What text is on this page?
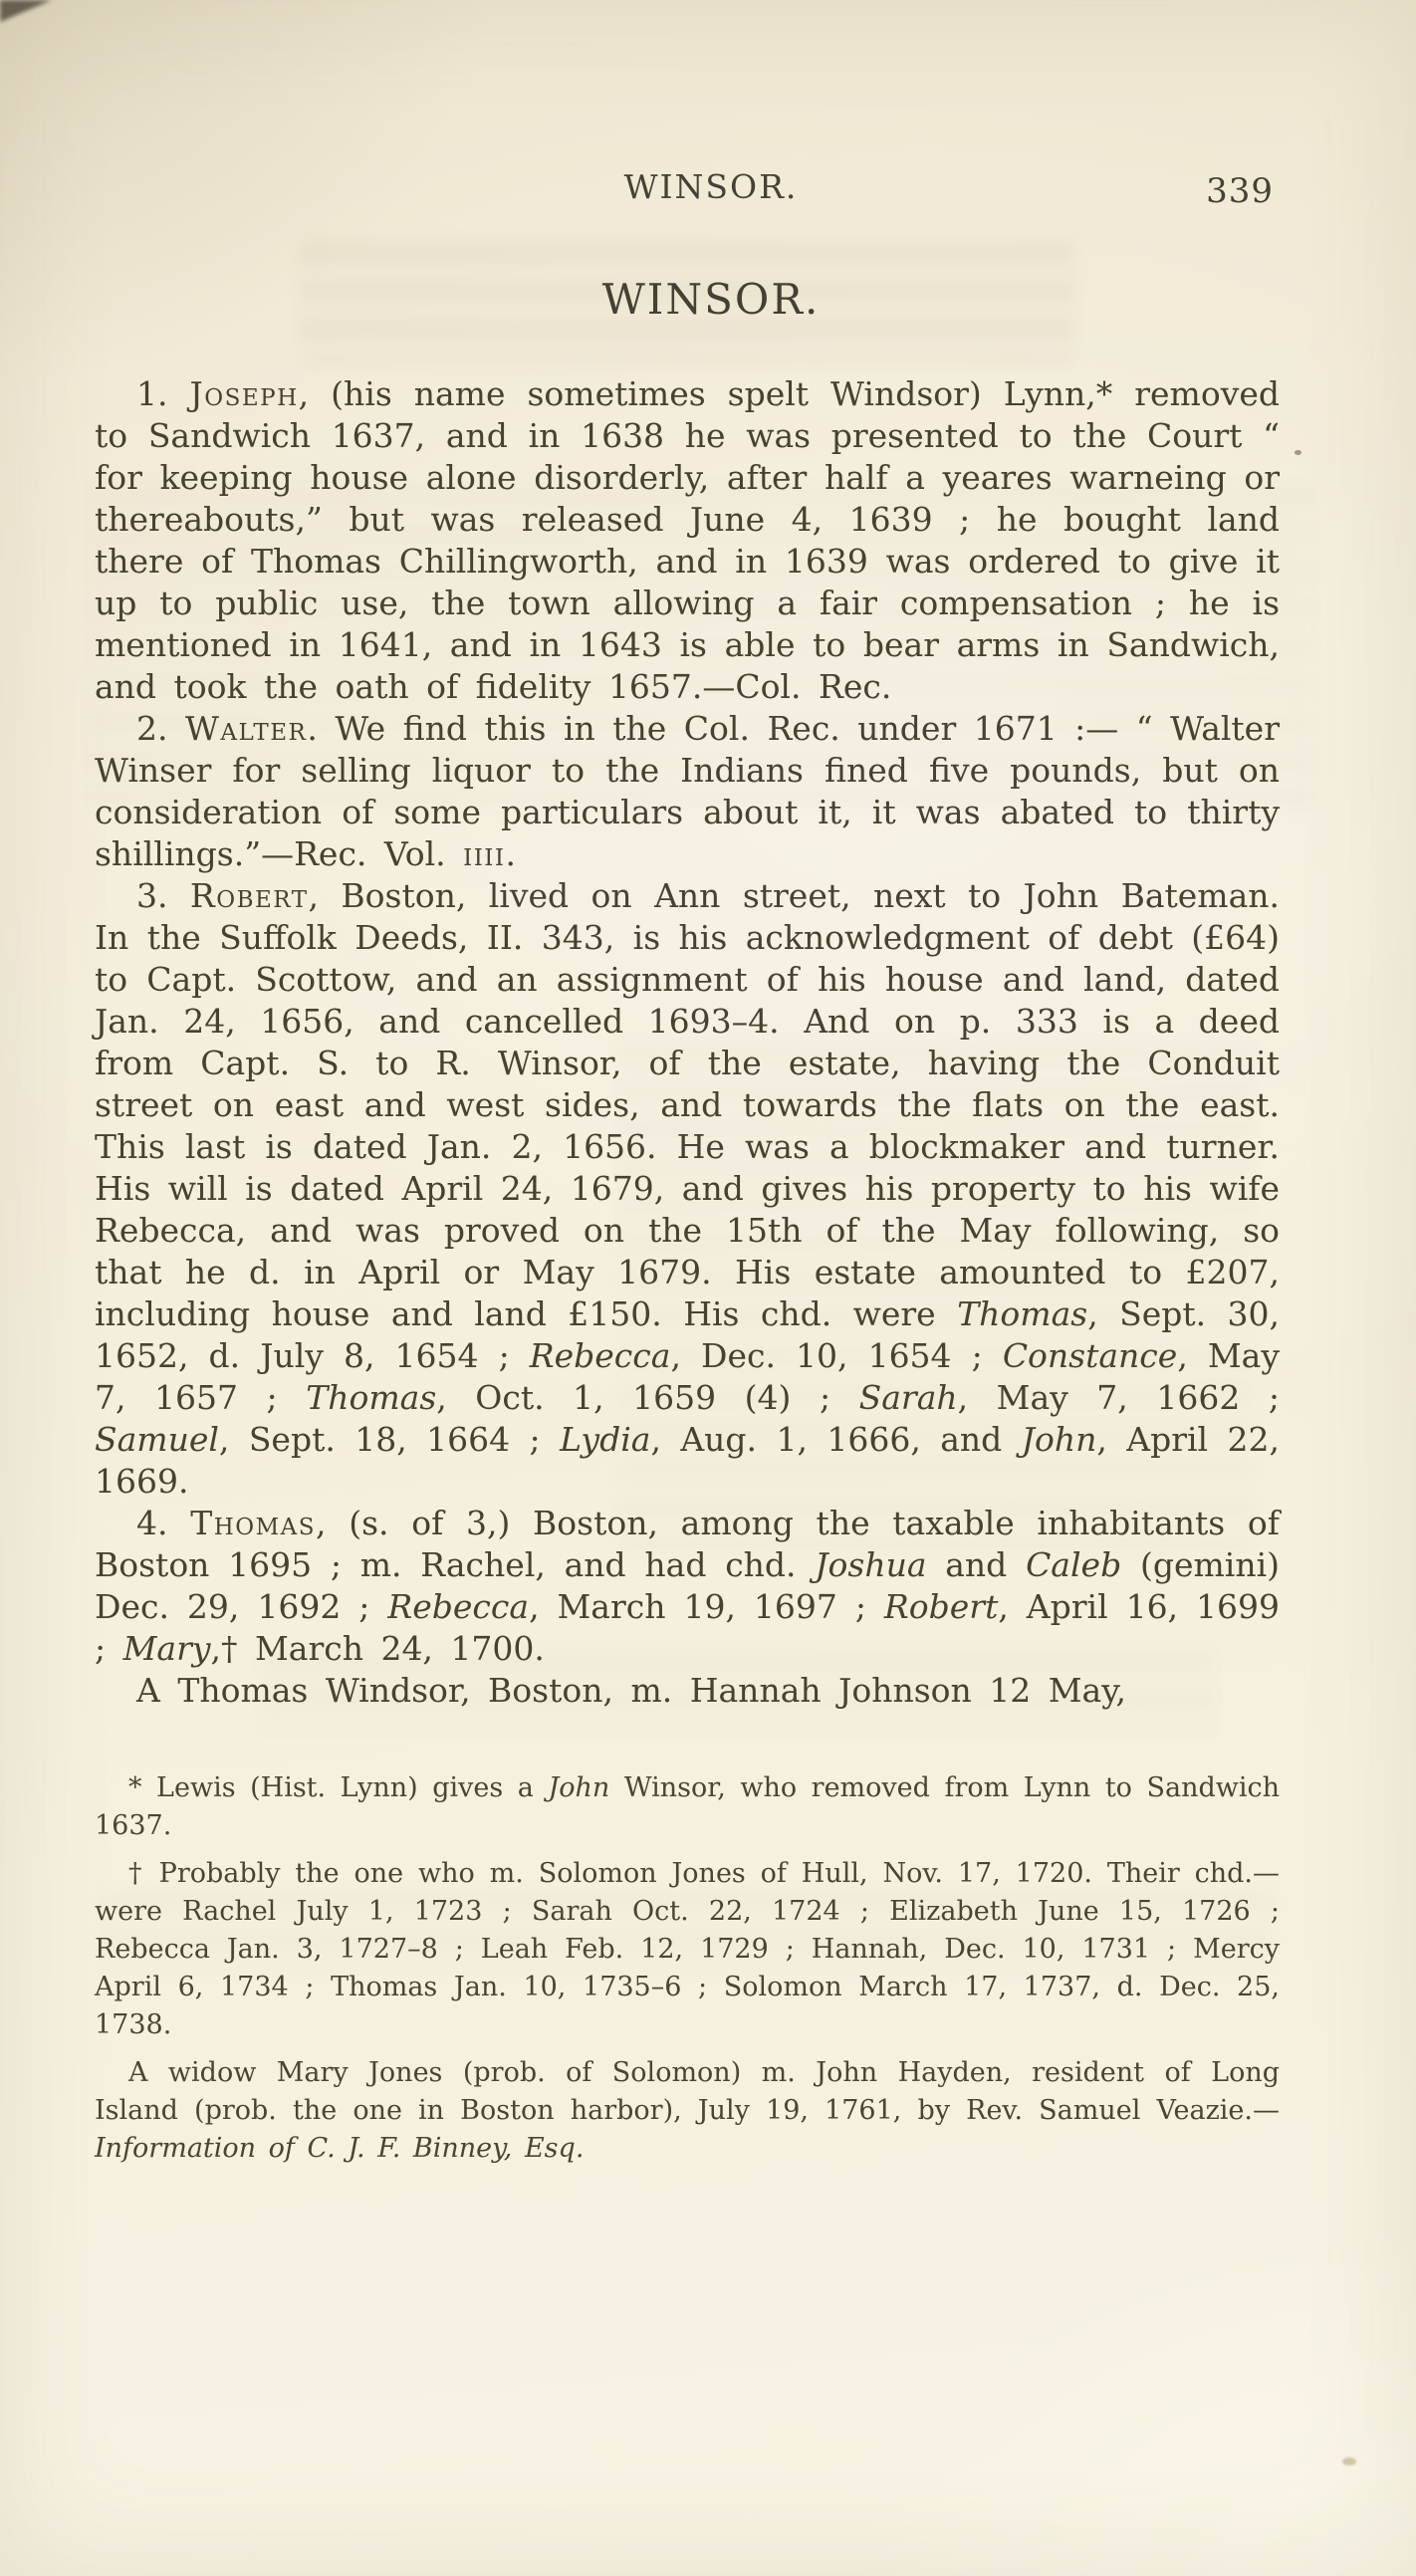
WINSOR.	339
WINSOR.

1. Joseph, (his name sometimes spelt Windsor) Lynn,* removed to Sandwich 1637, and in 1638 he was presented to the Court “ for keeping house alone disorderly, after half a yeares warneing or thereabouts,” but was released June 4, 1639 ; he bought land there of Thomas Chillingworth, and in 1639 was ordered to give it up to public use, the town allowing a fair compensation ; he is mentioned in 1641, and in 1643 is able to bear arms in Sandwich, and took the oath of fidelity 1657.—Col. Rec.

2. Walter. We find this in the Col. Rec. under 1671 :— “ Walter Winser for selling liquor to the Indians fined five pounds, but on consideration of some particulars about it, it was abated to thirty shillings.”—Rec. Vol. iiii.

3. Robert, Boston, lived on Ann street, next to John Bateman. In the Suffolk Deeds, II. 343, is his acknowledgment of debt (£64) to Capt. Scottow, and an assignment of his house and land, dated Jan. 24, 1656, and cancelled 1693–4. And on p. 333 is a deed from Capt. S. to R. Winsor, of the estate, having the Conduit street on east and west sides, and towards the flats on the east. This last is dated Jan. 2, 1656. He was a blockmaker and turner. His will is dated April 24, 1679, and gives his property to his wife Rebecca, and was proved on the 15th of the May following, so that he d. in April or May 1679. His estate amounted to £207, including house and land £150. His chd. were Thomas, Sept. 30, 1652, d. July 8, 1654 ; Rebecca, Dec. 10, 1654 ; Constance, May 7, 1657 ; Thomas, Oct. 1, 1659 (4) ; Sarah, May 7, 1662 ; Samuel, Sept. 18, 1664 ; Lydia, Aug. 1, 1666, and John, April 22, 1669.

4. Thomas, (s. of 3,) Boston, among the taxable inhabitants of Boston 1695 ; m. Rachel, and had chd. Joshua and Caleb (gemini) Dec. 29, 1692 ; Rebecca, March 19, 1697 ; Robert, April 16, 1699 ; Mary,† March 24, 1700.

A Thomas Windsor, Boston, m. Hannah Johnson 12 May,

* Lewis (Hist. Lynn) gives a John Winsor, who removed from Lynn to Sandwich 1637.

† Probably the one who m. Solomon Jones of Hull, Nov. 17, 1720. Their chd.— were Rachel July 1, 1723 ; Sarah Oct. 22, 1724 ; Elizabeth June 15, 1726 ; Rebecca Jan. 3, 1727–8 ; Leah Feb. 12, 1729 ; Hannah, Dec. 10, 1731 ; Mercy April 6, 1734 ; Thomas Jan. 10, 1735–6 ; Solomon March 17, 1737, d. Dec. 25, 1738.

A widow Mary Jones (prob. of Solomon) m. John Hayden, resident of Long Island (prob. the one in Boston harbor), July 19, 1761, by Rev. Samuel Veazie.—Information of C. J. F. Binney, Esq.
